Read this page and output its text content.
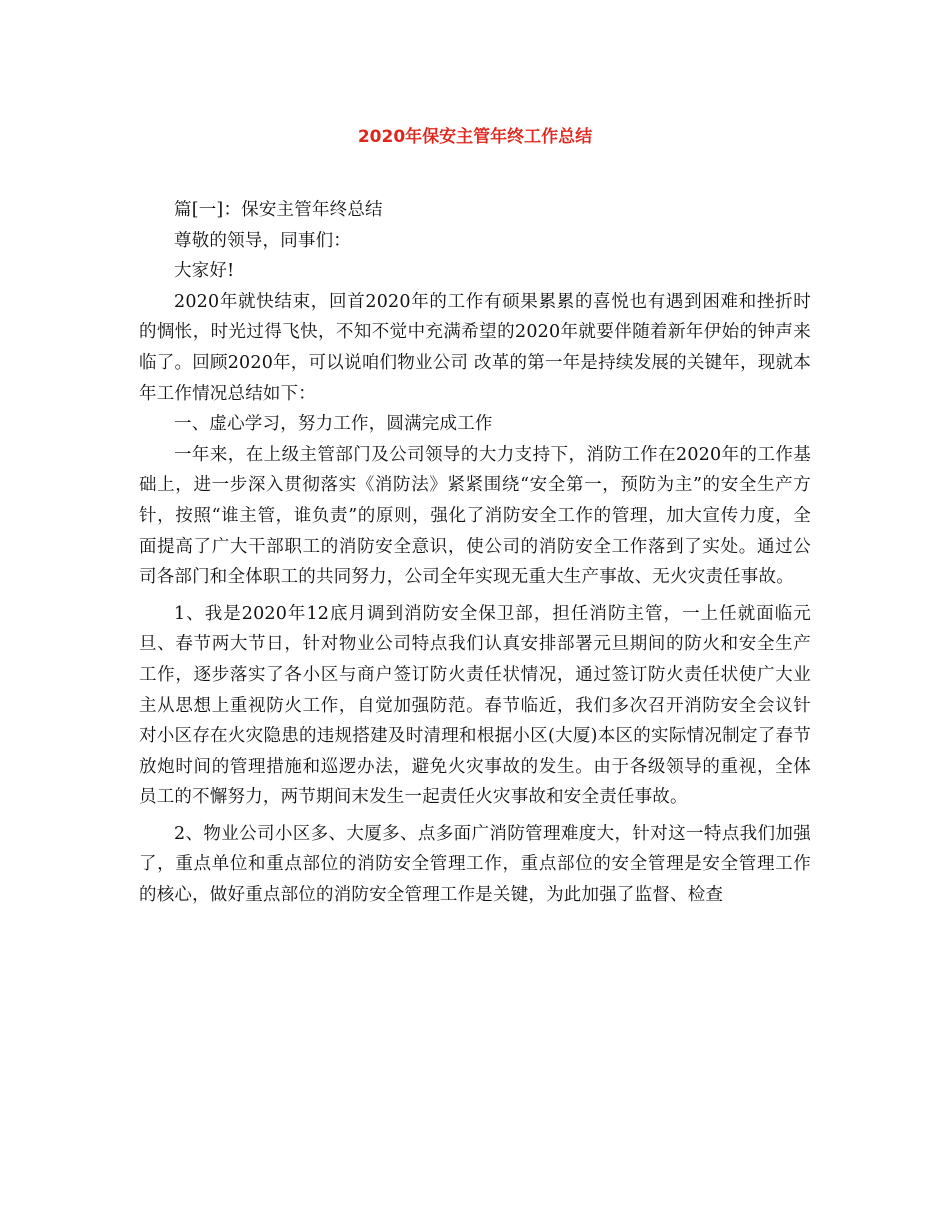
2020年保安主管年终工作总结

篇[一]：保安主管年终总结

尊敬的领导，同事们：

大家好!

2020年就快结束，回首2020年的工作有硕果累累的喜悦也有遇到困难和挫折时的惆怅，时光过得飞快，不知不觉中充满希望的2020年就要伴随着新年伊始的钟声来临了。回顾2020年，可以说咱们物业公司 改革的第一年是持续发展的关键年，现就本年工作情况总结如下：

一、虚心学习，努力工作，圆满完成工作

一年来，在上级主管部门及公司领导的大力支持下，消防工作在2020年的工作基础上，进一步深入贯彻落实《消防法》紧紧围绕“安全第一，预防为主”的安全生产方针，按照“谁主管，谁负责”的原则，强化了消防安全工作的管理，加大宣传力度，全面提高了广大干部职工的消防安全意识，使公司的消防安全工作落到了实处。通过公司各部门和全体职工的共同努力，公司全年实现无重大生产事故、无火灾责任事故。

1、我是2020年12底月调到消防安全保卫部，担任消防主管，一上任就面临元旦、春节两大节日，针对物业公司特点我们认真安排部署元旦期间的防火和安全生产工作，逐步落实了各小区与商户签订防火责任状情况，通过签订防火责任状使广大业主从思想上重视防火工作，自觉加强防范。春节临近，我们多次召开消防安全会议针对小区存在火灾隐患的违规搭建及时清理和根据小区(大厦)本区的实际情况制定了春节放炮时间的管理措施和巡逻办法，避免火灾事故的发生。由于各级领导的重视，全体员工的不懈努力，两节期间末发生一起责任火灾事故和安全责任事故。

2、物业公司小区多、大厦多、点多面广消防管理难度大，针对这一特点我们加强了，重点单位和重点部位的消防安全管理工作，重点部位的安全管理是安全管理工作的核心，做好重点部位的消防安全管理工作是关键，为此加强了监督、检查
